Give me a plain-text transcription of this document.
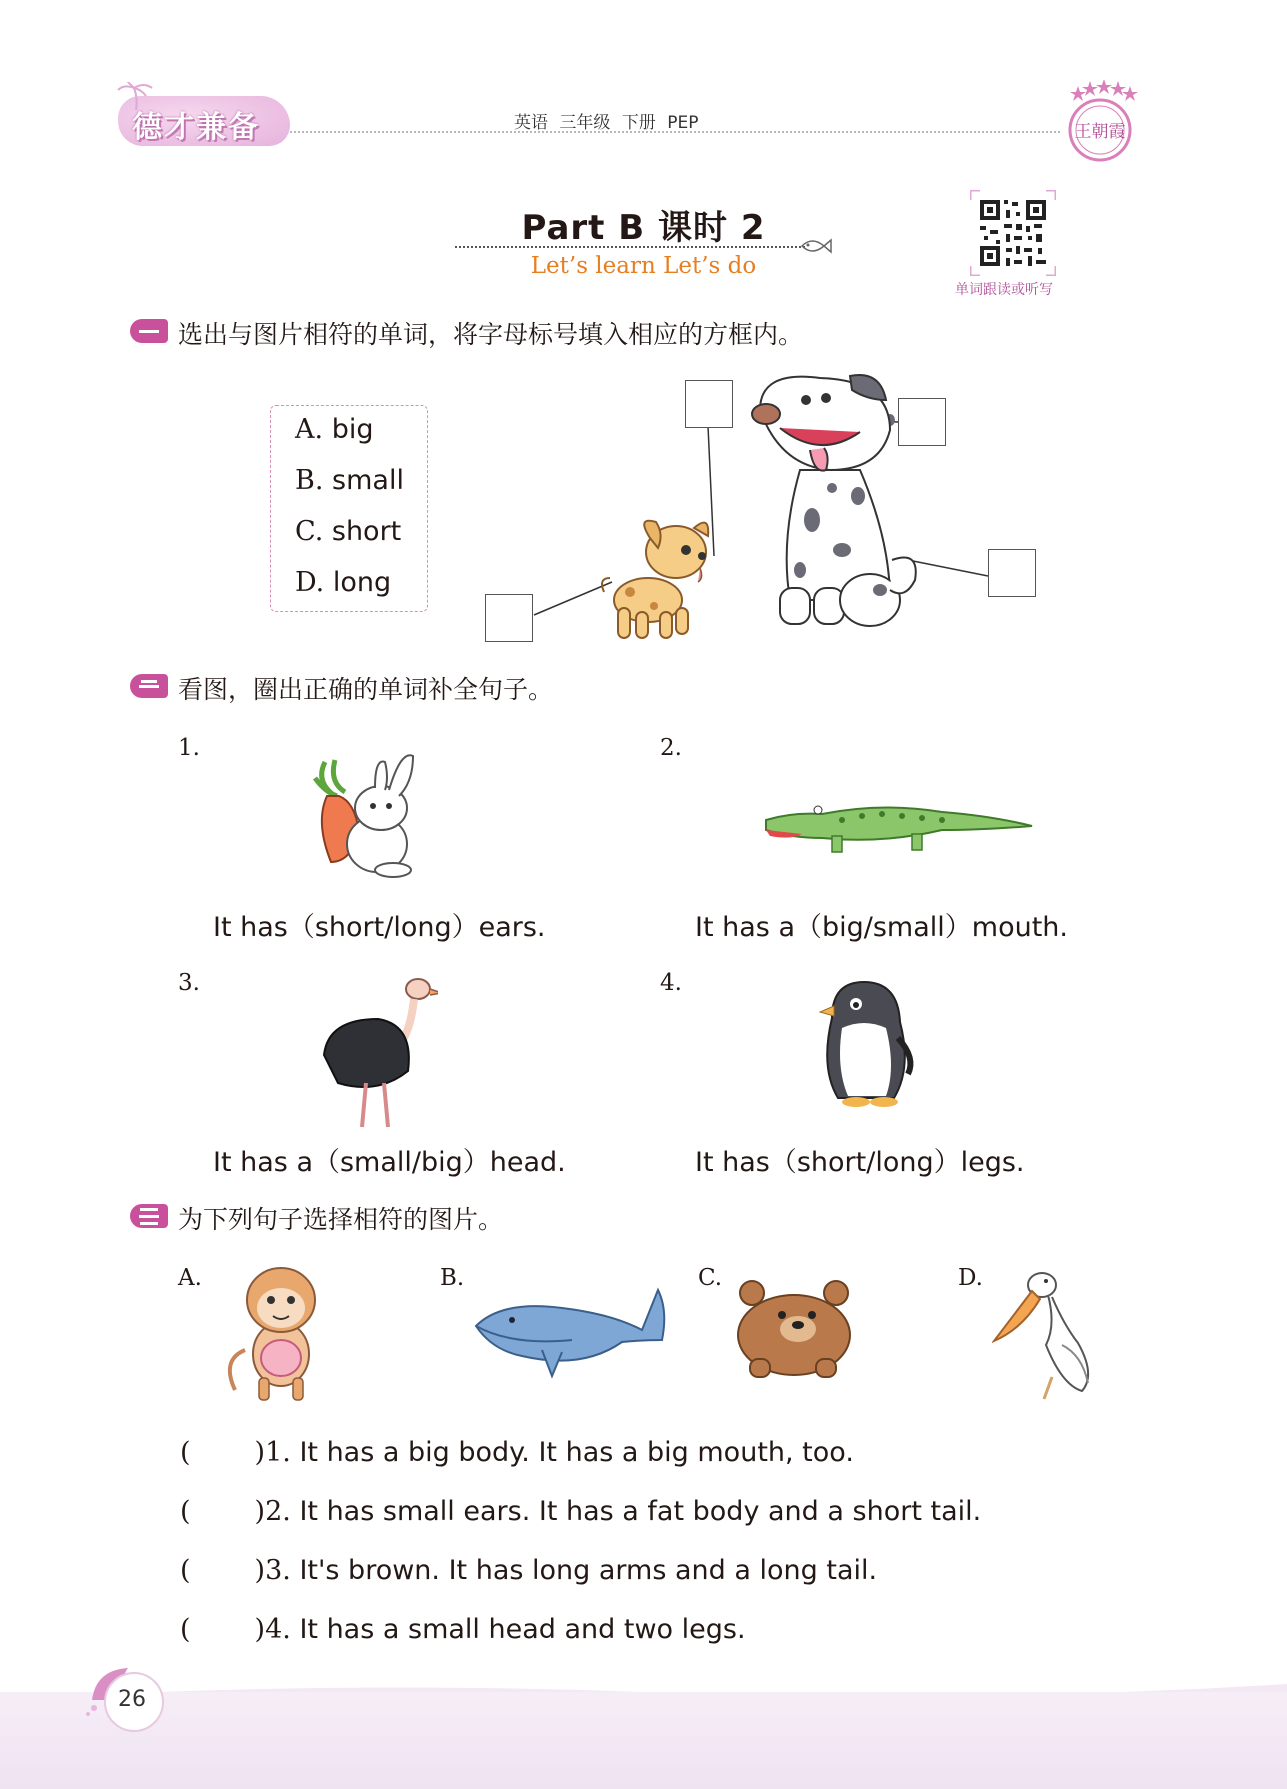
德才兼备	英语 三年级 下册 PEP	王朝霞
Part B 课时 2
Let’s learn Let’s do
单词跟读或听写
选出与图片相符的单词，将字母标号填入相应的方框内。
A. big
B. small
C. short
D. long
看图，圈出正确的单词补全句子。
1.
It has（short/long）ears.
2.
It has a（big/small）mouth.
3.
It has a（small/big）head.
4.
It has（short/long）legs.
为下列句子选择相符的图片。
A.	B.	C.	D.
( )1. It has a big body. It has a big mouth, too.
( )2. It has small ears. It has a fat body and a short tail.
( )3. It's brown. It has long arms and a long tail.
( )4. It has a small head and two legs.
26
